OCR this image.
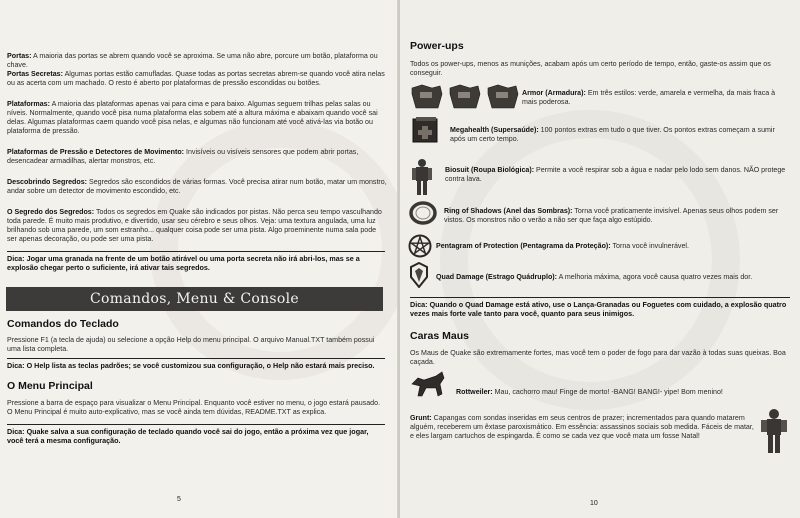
Portas: A maioria das portas se abrem quando você se aproxima. Se uma não abre, porcure um botão, plataforma ou chave.
Portas Secretas: Algumas portas estão camufladas. Quase todas as portas secretas abrem-se quando você atira nelas ou as acerta com um machado. O resto é aberto por plataformas de pressão escondidas ou botões.
Plataformas: A maioria das plataformas apenas vai para cima e para baixo. Algumas seguem trilhas pelas salas ou níveis. Normalmente, quando você pisa numa plataforma elas sobem até a altura máxima e abaixam quando você sai delas. Algumas plataformas caem quando você pisa nelas, e algumas não funcionam até você ativá-las via botão ou plataforma de pressão.
Plataformas de Pressão e Detectores de Movimento: Invisíveis ou visíveis sensores que podem abrir portas, desencadear armadilhas, alertar monstros, etc.
Descobrindo Segredos: Segredos são escondidos de várias formas. Você precisa atirar num botão, matar um monstro, andar sobre um detector de movimento escondido, etc.
O Segredo dos Segredos: Todos os segredos em Quake são indicados por pistas. Não perca seu tempo vasculhando toda parede. É muito mais produtivo, e divertido, usar seu cérebro e seus olhos. Veja: uma textura angulada, uma luz brilhando sob uma parede, um som estranho... qualquer coisa pode ser uma pista. Algo proeminente numa sala pode ser apenas decoração, ou pode ser uma pista.
Dica: Jogar uma granada na frente de um botão atirável ou uma porta secreta não irá abri-los, mas se a explosão chegar perto o suficiente, irá ativar tais segredos.
Comandos, Menu & Console
Comandos do Teclado
Pressione F1 (a tecla de ajuda) ou selecione a opção Help do menu principal. O arquivo Manual.TXT também possui uma lista completa.
Dica: O Help lista as teclas padrões; se você customizou sua configuração, o Help não estará mais preciso.
O Menu Principal
Pressione a barra de espaço para visualizar o Menu Principal. Enquanto você estiver no menu, o jogo estará pausado. O Menu Principal é muito auto-explicativo, mas se você ainda tem dúvidas, README.TXT as explica.
Dica: Quake salva a sua configuração de teclado quando você sai do jogo, então a próxima vez que jogar, você terá a mesma configuração.
5
Power-ups
Todos os power-ups, menos as munições, acabam após um certo período de tempo, então, gaste-os assim que os conseguir.
Armor (Armadura): Em três estilos: verde, amarela e vermelha, da mais fraca à mais poderosa.
Megahealth (Supersaúde): 100 pontos extras em tudo o que tiver. Os pontos extras começam a sumir após um certo tempo.
Biosuit (Roupa Biológica): Permite a você respirar sob a água e nadar pelo lodo sem danos. NÃO protege contra lava.
Ring of Shadows (Anel das Sombras): Torna você praticamente invisível. Apenas seus olhos podem ser vistos. Os monstros não o verão a não ser que faça algo estúpido.
Pentagram of Protection (Pentagrama da Proteção): Torna você invulnerável.
Quad Damage (Estrago Quádruplo): A melhoria máxima, agora você causa quatro vezes mais dor.
Dica: Quando o Quad Damage está ativo, use o Lança-Granadas ou Foguetes com cuidado, a explosão quatro vezes mais forte vale tanto para você, quanto para seus inimigos.
Caras Maus
Os Maus de Quake são extremamente fortes, mas você tem o poder de fogo para dar vazão à todas suas queixas. Boa caçada.
Rottweiler: Mau, cachorro mau! Finge de morto! -BANG! BANG!- yipe! Bom menino!
Grunt: Capangas com sondas inseridas em seus centros de prazer; incrementados para quando matarem alguém, receberem um êxtase paroxismático. Em essência: assassinos sociais sob medida. Fáceis de matar, e eles largam cartuchos de espingarda. É como se cada vez que você mata um fosse Natal!
10
